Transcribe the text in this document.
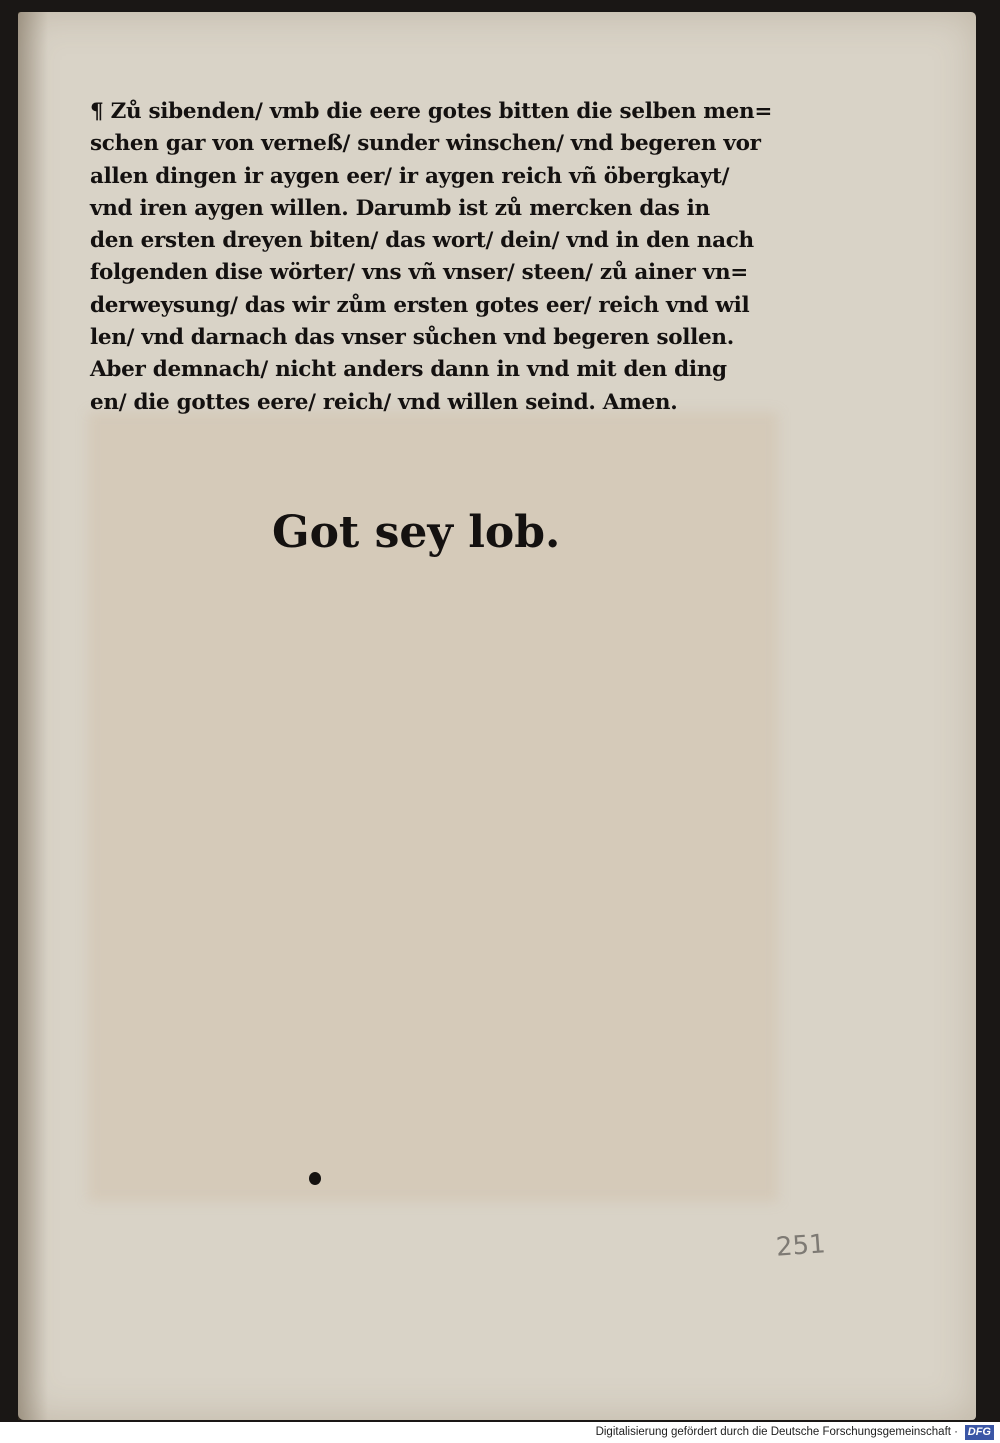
¶ Zů sibenden/ vmb die eere gotes bitten die selben men=
schen gar von verneß/ sunder winschen/ vnd begeren vor
allen dingen ir aygen eer/ ir aygen reich vñ öbergkayt/
vnd iren aygen willen. Darumb ist zů mercken das in
den ersten dreyen biten/ das wort/ dein/ vnd in den nach
folgenden dise wörter/ vns vñ vnser/ steen/ zů ainer vn=
derweysung/ das wir zům ersten gotes eer/ reich vnd wil
len/ vnd darnach das vnser sůchen vnd begeren sollen.
Aber demnach/ nicht anders dann in vnd mit den ding
en/ die gottes eere/ reich/ vnd willen seind. Amen.
Got sey lob.
251
Digitalisierung gefördert durch die Deutsche Forschungsgemeinschaft · DFG
